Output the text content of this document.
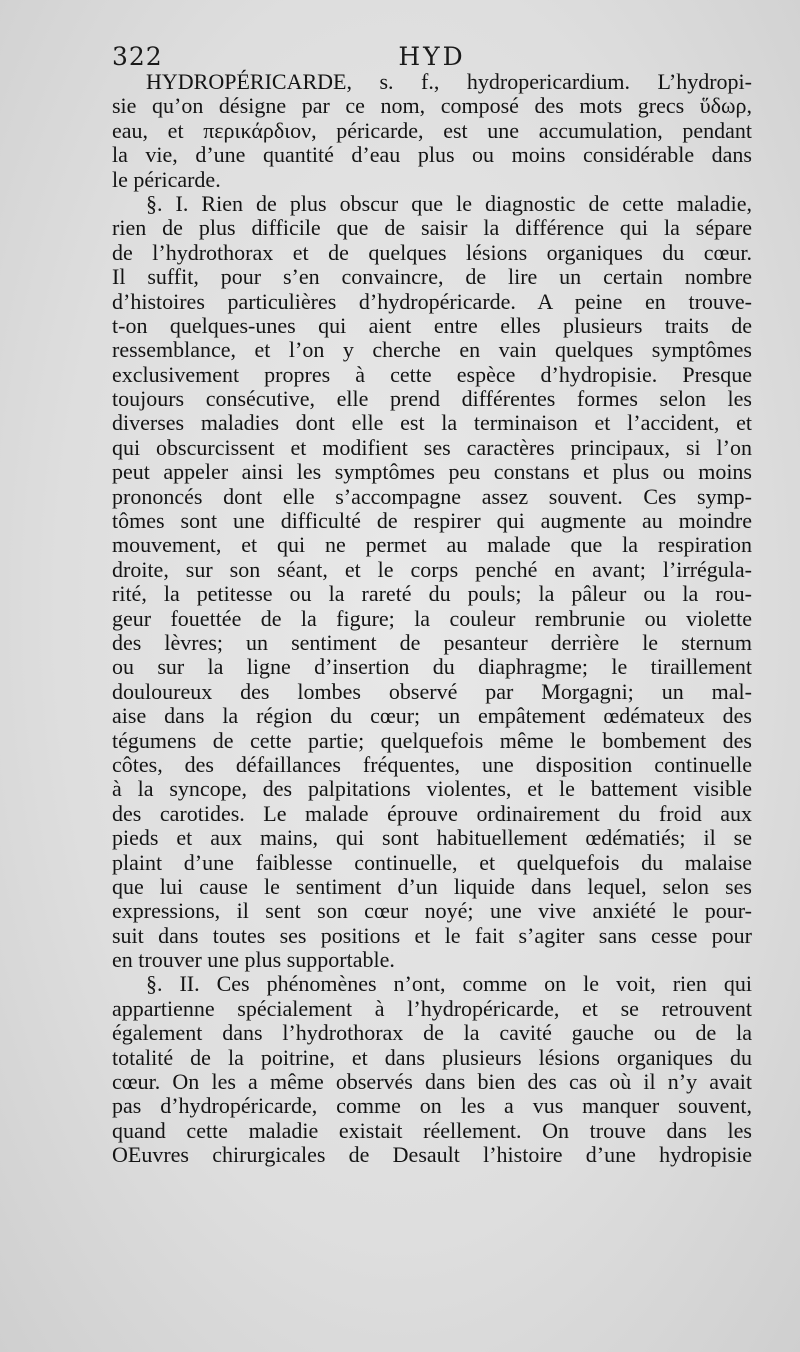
322	HYD
HYDROPÉRICARDE, s. f., hydropericardium. L’hydropi-
sie qu’on désigne par ce nom, composé des mots grecs ὕδωρ,
eau, et περικάρδιον, péricarde, est une accumulation, pendant
la vie, d’une quantité d’eau plus ou moins considérable dans
le péricarde.
§. I. Rien de plus obscur que le diagnostic de cette maladie,
rien de plus difficile que de saisir la différence qui la sépare
de l’hydrothorax et de quelques lésions organiques du cœur.
Il suffit, pour s’en convaincre, de lire un certain nombre
d’histoires particulières d’hydropéricarde. A peine en trouve-
t-on quelques-unes qui aient entre elles plusieurs traits de
ressemblance, et l’on y cherche en vain quelques symptômes
exclusivement propres à cette espèce d’hydropisie. Presque
toujours consécutive, elle prend différentes formes selon les
diverses maladies dont elle est la terminaison et l’accident, et
qui obscurcissent et modifient ses caractères principaux, si l’on
peut appeler ainsi les symptômes peu constans et plus ou moins
prononcés dont elle s’accompagne assez souvent. Ces symp-
tômes sont une difficulté de respirer qui augmente au moindre
mouvement, et qui ne permet au malade que la respiration
droite, sur son séant, et le corps penché en avant; l’irrégula-
rité, la petitesse ou la rareté du pouls; la pâleur ou la rou-
geur fouettée de la figure; la couleur rembrunie ou violette
des lèvres; un sentiment de pesanteur derrière le sternum
ou sur la ligne d’insertion du diaphragme; le tiraillement
douloureux des lombes observé par Morgagni; un mal-
aise dans la région du cœur; un empâtement œdémateux des
tégumens de cette partie; quelquefois même le bombement des
côtes, des défaillances fréquentes, une disposition continuelle
à la syncope, des palpitations violentes, et le battement visible
des carotides. Le malade éprouve ordinairement du froid aux
pieds et aux mains, qui sont habituellement œdématiés; il se
plaint d’une faiblesse continuelle, et quelquefois du malaise
que lui cause le sentiment d’un liquide dans lequel, selon ses
expressions, il sent son cœur noyé; une vive anxiété le pour-
suit dans toutes ses positions et le fait s’agiter sans cesse pour
en trouver une plus supportable.
§. II. Ces phénomènes n’ont, comme on le voit, rien qui
appartienne spécialement à l’hydropéricarde, et se retrouvent
également dans l’hydrothorax de la cavité gauche ou de la
totalité de la poitrine, et dans plusieurs lésions organiques du
cœur. On les a même observés dans bien des cas où il n’y avait
pas d’hydropéricarde, comme on les a vus manquer souvent,
quand cette maladie existait réellement. On trouve dans les
OEuvres chirurgicales de Desault l’histoire d’une hydropisie
